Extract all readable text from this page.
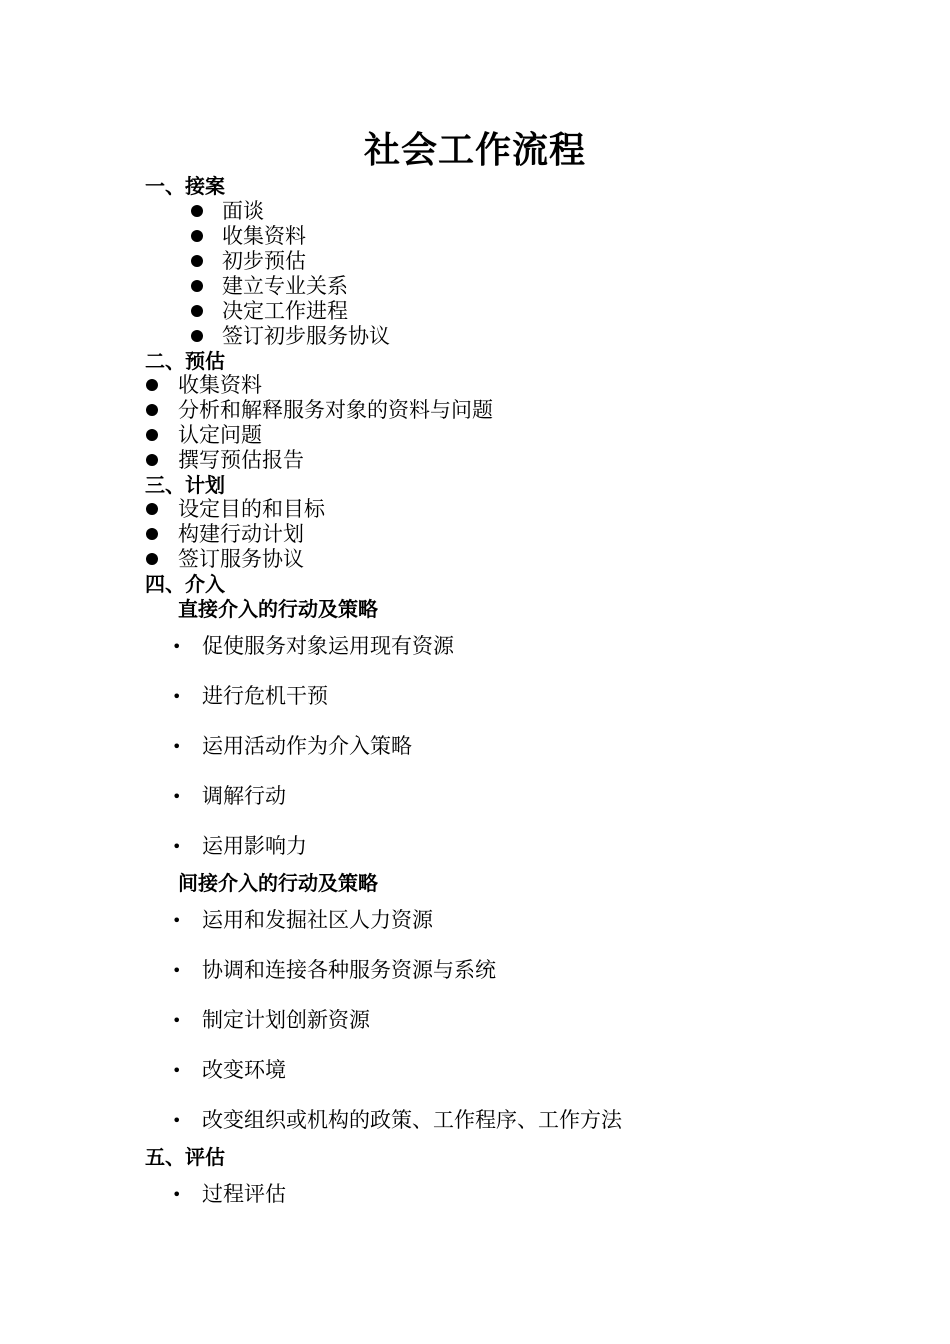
社会工作流程
一、接案
面谈
收集资料
初步预估
建立专业关系
决定工作进程
签订初步服务协议
二、预估
收集资料
分析和解释服务对象的资料与问题
认定问题
撰写预估报告
三、计划
设定目的和目标
构建行动计划
签订服务协议
四、介入
直接介入的行动及策略
• 促使服务对象运用现有资源
• 进行危机干预
• 运用活动作为介入策略
• 调解行动
• 运用影响力
间接介入的行动及策略
• 运用和发掘社区人力资源
• 协调和连接各种服务资源与系统
• 制定计划创新资源
• 改变环境
• 改变组织或机构的政策、工作程序、工作方法
五、评估
• 过程评估
